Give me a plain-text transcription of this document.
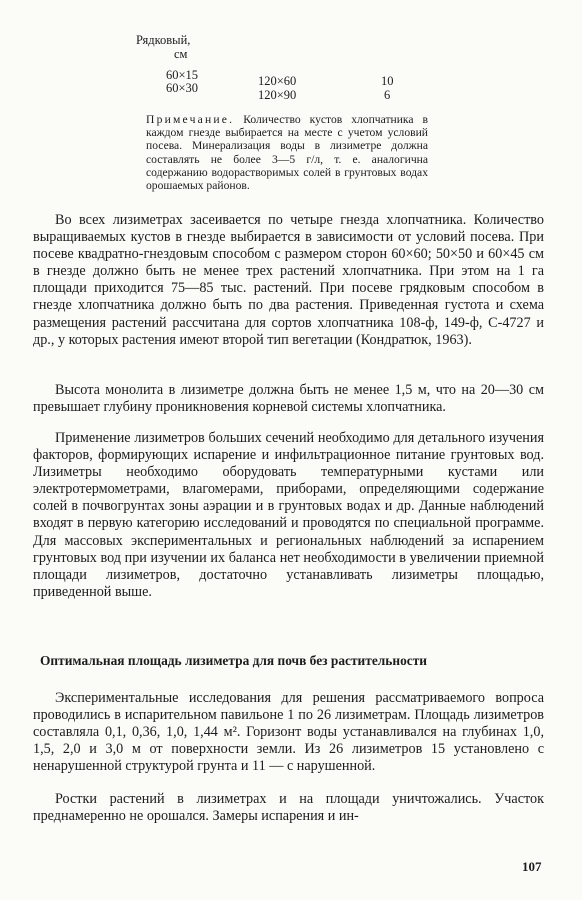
Рядковый,
см
60×15	120×60	10
60×30	120×90	6

Примечание. Количество кустов хлопчатника в каждом гнезде выбирается на месте с учетом условий посева. Минерализация воды в лизиметре должна составлять не более 3—5 г/л, т. е. аналогична содержанию водорастворимых солей в грунтовых водах орошаемых районов.

Во всех лизиметрах засеивается по четыре гнезда хлопчатника. Количество выращиваемых кустов в гнезде выбирается в зависимости от условий посева. При посеве квадратно-гнездовым способом с размером сторон 60×60; 50×50 и 60×45 см в гнезде должно быть не менее трех растений хлопчатника. При этом на 1 га площади приходится 75—85 тыс. растений. При посеве грядковым способом в гнезде хлопчатника должно быть по два растения. Приведенная густота и схема размещения растений рассчитана для сортов хлопчатника 108-ф, 149-ф, С-4727 и др., у которых растения имеют второй тип вегетации (Кондратюк, 1963).

Высота монолита в лизиметре должна быть не менее 1,5 м, что на 20—30 см превышает глубину проникновения корневой системы хлопчатника.

Применение лизиметров больших сечений необходимо для детального изучения факторов, формирующих испарение и инфильтрационное питание грунтовых вод. Лизиметры необходимо оборудовать температурными кустами или электротермометрами, влагомерами, приборами, определяющими содержание солей в почвогрунтах зоны аэрации и в грунтовых водах и др. Данные наблюдений входят в первую категорию исследований и проводятся по специальной программе. Для массовых экспериментальных и региональных наблюдений за испарением грунтовых вод при изучении их баланса нет необходимости в увеличении приемной площади лизиметров, достаточно устанавливать лизиметры площадью, приведенной выше.

Оптимальная площадь лизиметра для почв без растительности

Экспериментальные исследования для решения рассматриваемого вопроса проводились в испарительном павильоне 1 по 26 лизиметрам. Площадь лизиметров составляла 0,1, 0,36, 1,0, 1,44 м². Горизонт воды устанавливался на глубинах 1,0, 1,5, 2,0 и 3,0 м от поверхности земли. Из 26 лизиметров 15 установлено с ненарушенной структурой грунта и 11 — с нарушенной.

Ростки растений в лизиметрах и на площади уничтожались. Участок преднамеренно не орошался. Замеры испарения и ин-

107
